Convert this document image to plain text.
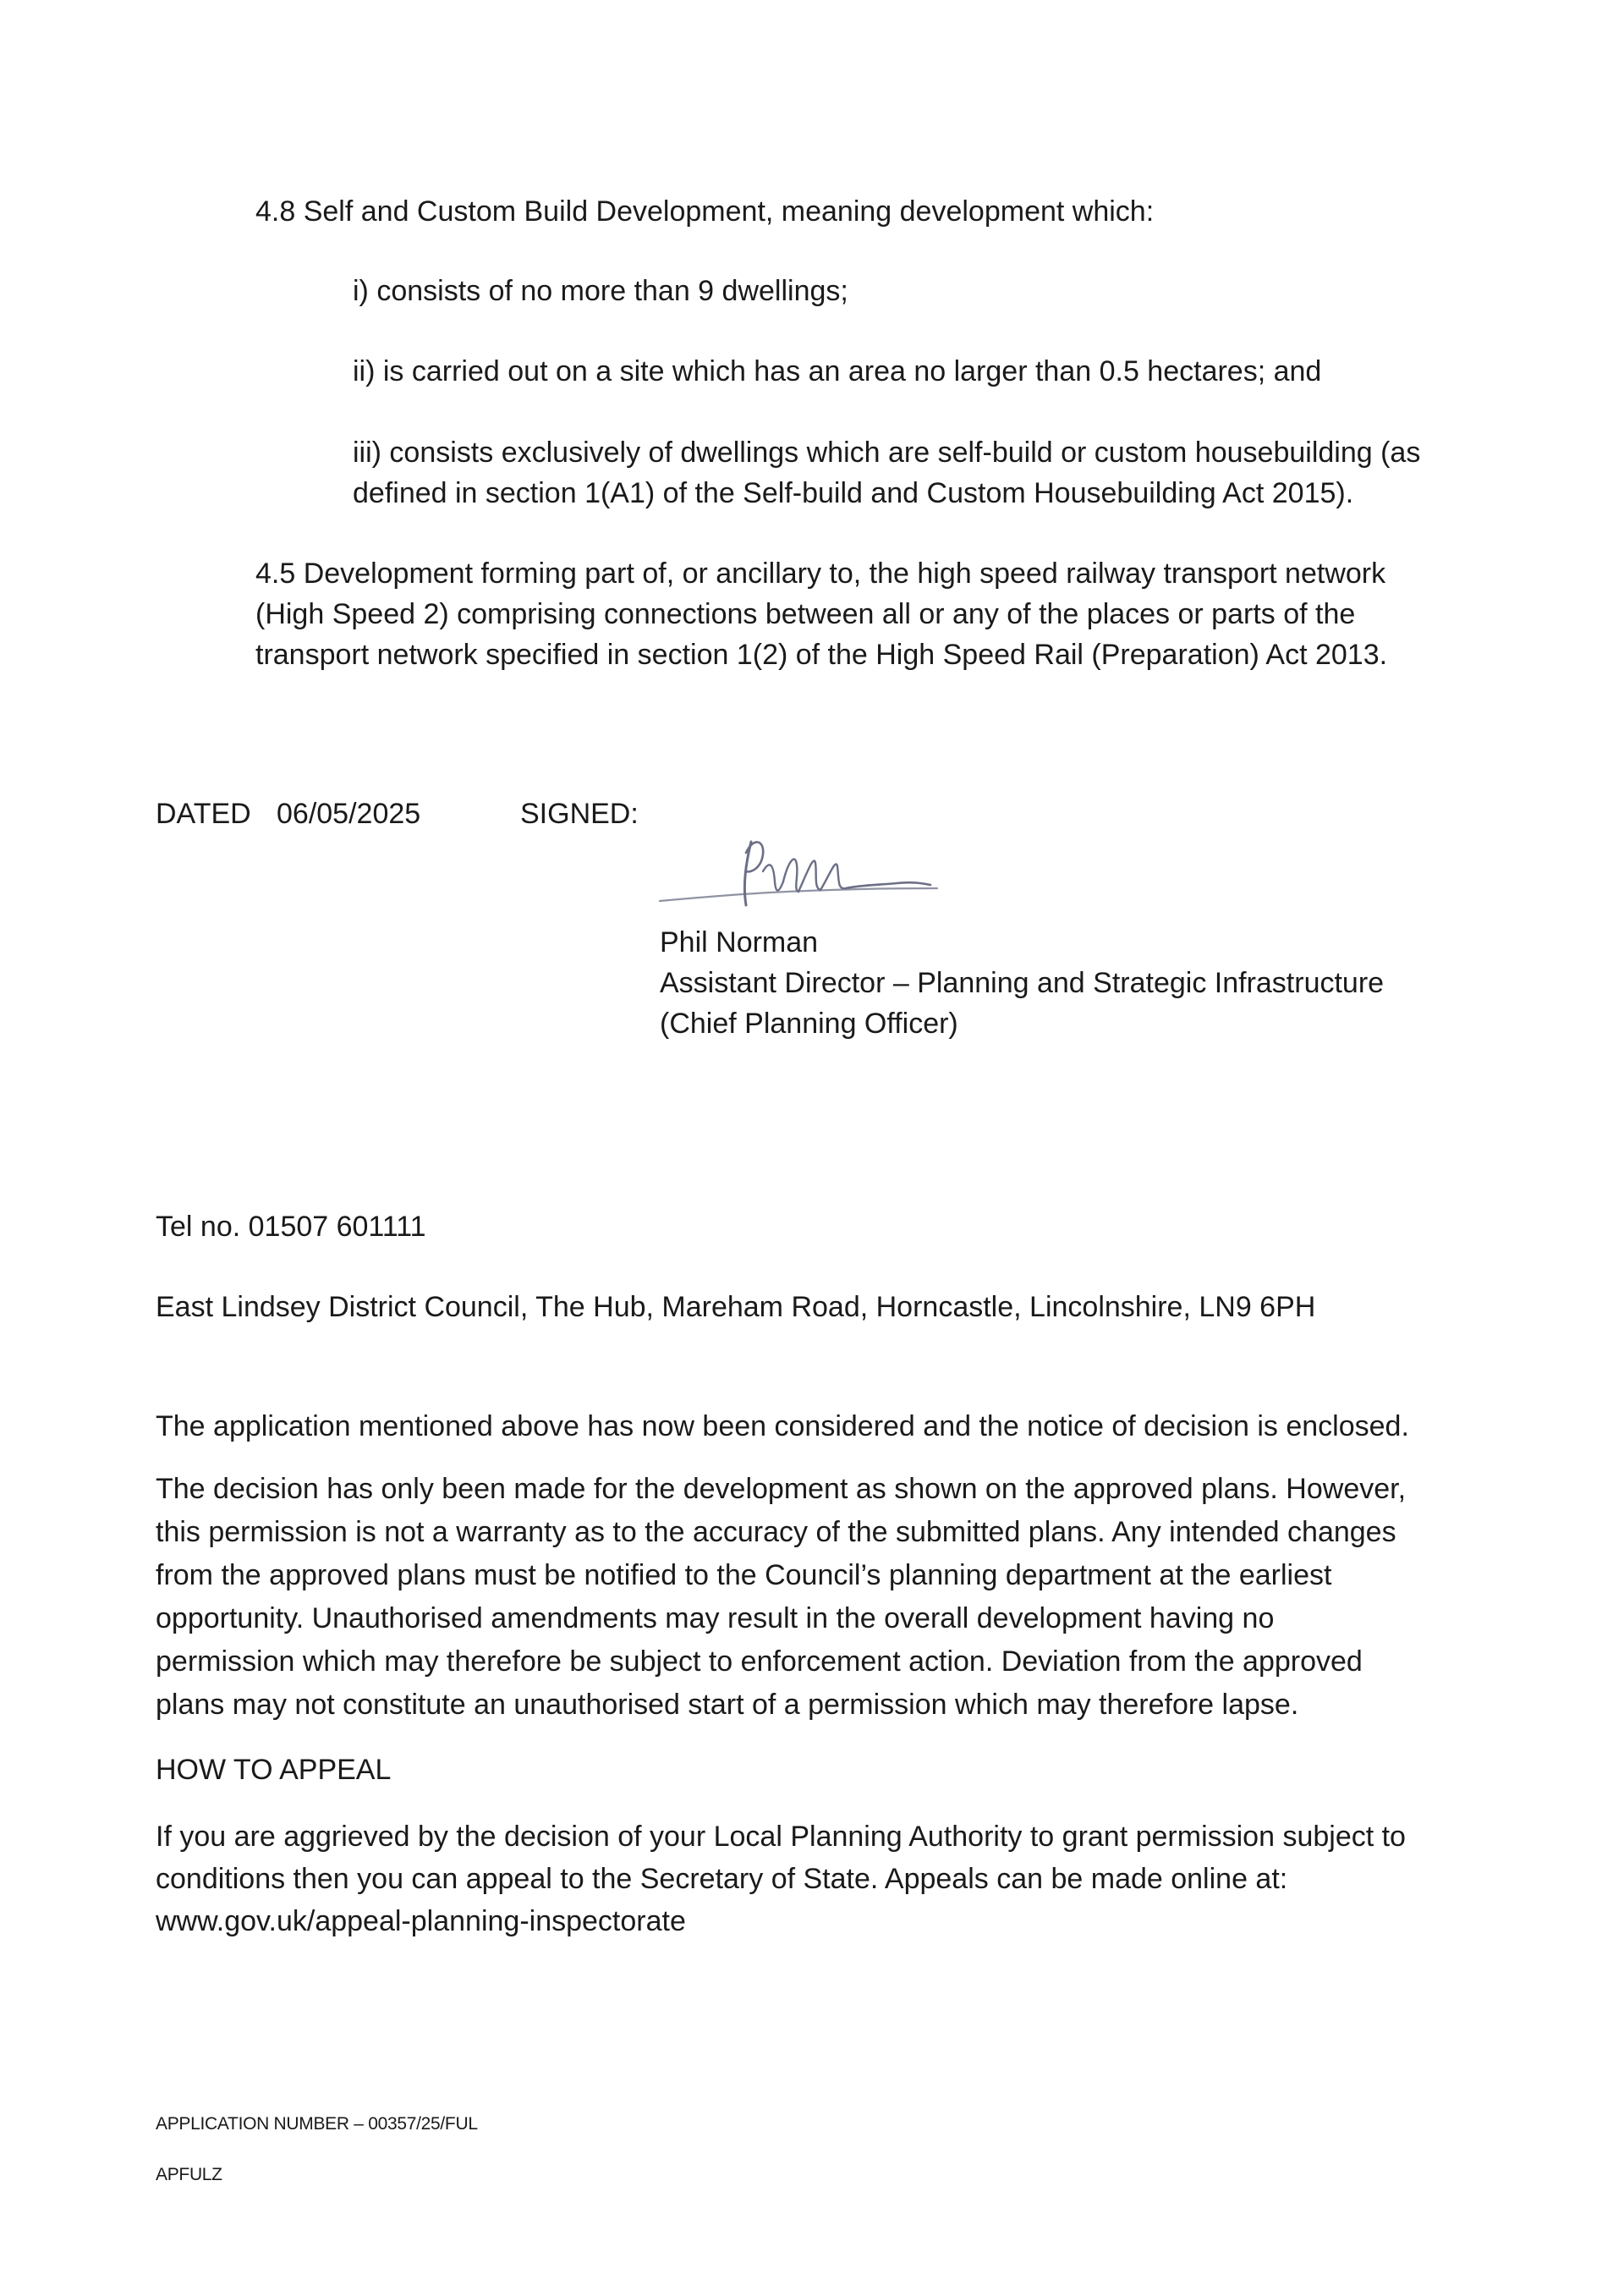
4.8 Self and Custom Build Development, meaning development which:

i) consists of no more than 9 dwellings;

ii) is carried out on a site which has an area no larger than 0.5 hectares; and

iii) consists exclusively of dwellings which are self-build or custom housebuilding (as

defined in section 1(A1) of the Self-build and Custom Housebuilding Act 2015).

4.5 Development forming part of, or ancillary to, the high speed railway transport network

(High Speed 2) comprising connections between all or any of the places or parts of the

transport network specified in section 1(2) of the High Speed Rail (Preparation) Act 2013.

DATED 06/05/2025	SIGNED:

Phil Norman

Assistant Director – Planning and Strategic Infrastructure

(Chief Planning Officer)

Tel no. 01507 601111

East Lindsey District Council, The Hub, Mareham Road, Horncastle, Lincolnshire, LN9 6PH

The application mentioned above has now been considered and the notice of decision is enclosed.

The decision has only been made for the development as shown on the approved plans. However,

this permission is not a warranty as to the accuracy of the submitted plans. Any intended changes

from the approved plans must be notified to the Council’s planning department at the earliest

opportunity. Unauthorised amendments may result in the overall development having no

permission which may therefore be subject to enforcement action. Deviation from the approved

plans may not constitute an unauthorised start of a permission which may therefore lapse.

HOW TO APPEAL

If you are aggrieved by the decision of your Local Planning Authority to grant permission subject to

conditions then you can appeal to the Secretary of State. Appeals can be made online at:

www.gov.uk/appeal-planning-inspectorate

APPLICATION NUMBER – 00357/25/FUL

APFULZ
